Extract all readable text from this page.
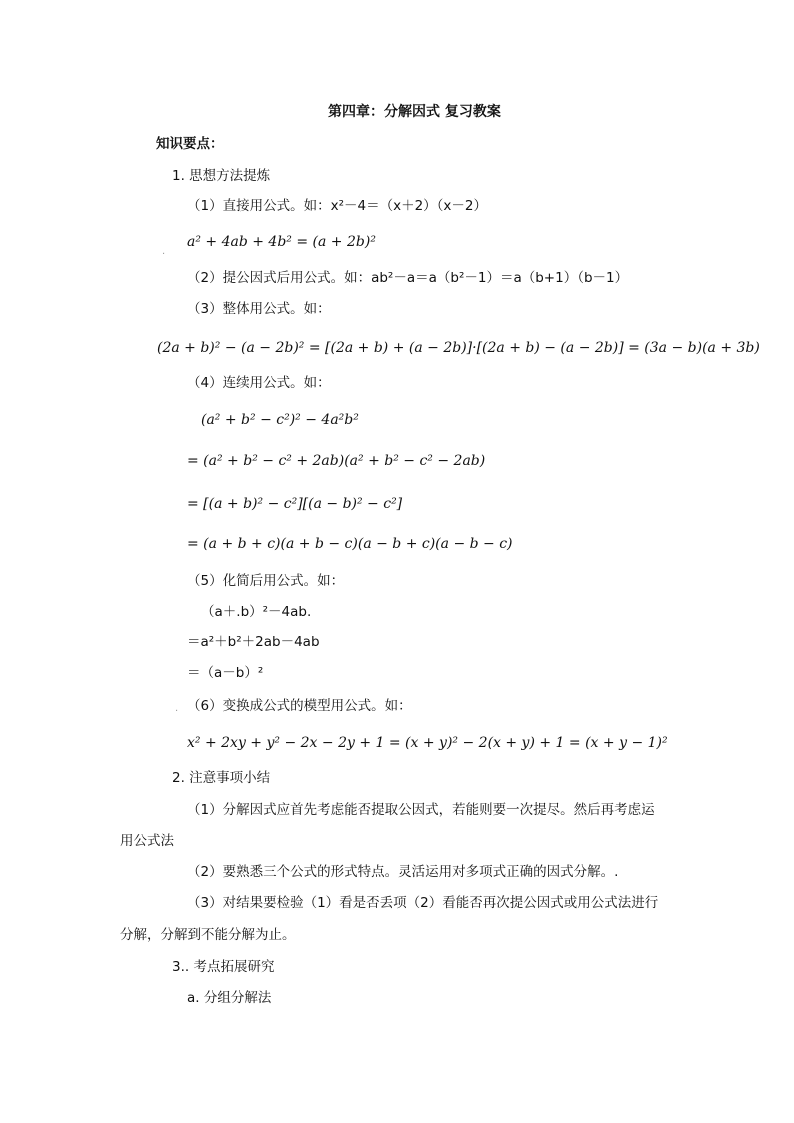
第四章：分解因式 复习教案
知识要点：
1. 思想方法提炼
（1）直接用公式。如：x²－4＝（x＋2）（x－2）
.
a² + 4ab + 4b² = (a + 2b)²
（2）提公因式后用公式。如：ab²－a＝a（b²－1）＝a（b+1）（b－1）
（3）整体用公式。如：
(2a + b)² − (a − 2b)² = [(2a + b) + (a − 2b)]·[(2a + b) − (a − 2b)] = (3a − b)(a + 3b)
（4）连续用公式。如：
(a² + b² − c²)² − 4a²b²
= (a² + b² − c² + 2ab)(a² + b² − c² − 2ab)
= [(a + b)² − c²][(a − b)² − c²]
= (a + b + c)(a + b − c)(a − b + c)(a − b − c)
（5）化简后用公式。如：
（a＋.b）²－4ab.
＝a²＋b²＋2ab－4ab
＝（a－b）²
. （6）变换成公式的模型用公式。如：
x² + 2xy + y² − 2x − 2y + 1 = (x + y)² − 2(x + y) + 1 = (x + y − 1)²
2. 注意事项小结
（1）分解因式应首先考虑能否提取公因式，若能则要一次提尽。然后再考虑运
用公式法
（2）要熟悉三个公式的形式特点。灵活运用对多项式正确的因式分解。.
（3）对结果要检验（1）看是否丢项（2）看能否再次提公因式或用公式法进行
分解，分解到不能分解为止。
3.. 考点拓展研究
a. 分组分解法
